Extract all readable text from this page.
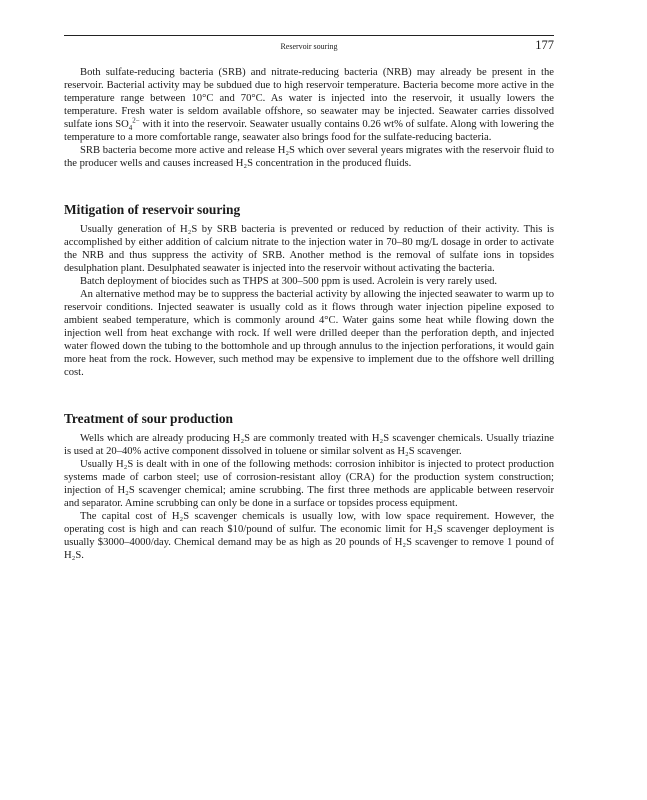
Reservoir souring	177

Both sulfate-reducing bacteria (SRB) and nitrate-reducing bacteria (NRB) may already be present in the reservoir. Bacterial activity may be subdued due to high reservoir temperature. Bacteria become more active in the temperature range between 10°C and 70°C. As water is injected into the reservoir, it usually lowers the temperature. Fresh water is seldom available offshore, so seawater may be injected. Seawater carries dissolved sulfate ions $SO_4^{2-}$ with it into the reservoir. Seawater usually contains 0.26 wt% of sulfate. Along with lowering the temperature to a more comfortable range, seawater also brings food for the sulfate-reducing bacteria.

SRB bacteria become more active and release H₂S which over several years migrates with the reservoir fluid to the producer wells and causes increased H₂S concentration in the produced fluids.

Mitigation of reservoir souring

Usually generation of H₂S by SRB bacteria is prevented or reduced by reduction of their activity. This is accomplished by either addition of calcium nitrate to the injection water in 70–80 mg/L dosage in order to activate the NRB and thus suppress the activity of SRB. Another method is the removal of sulfate ions in topsides desulphation plant. Desulphated seawater is injected into the reservoir without activating the bacteria.

Batch deployment of biocides such as THPS at 300–500 ppm is used. Acrolein is very rarely used.

An alternative method may be to suppress the bacterial activity by allowing the injected seawater to warm up to reservoir conditions. Injected seawater is usually cold as it flows through water injection pipeline exposed to ambient seabed temperature, which is commonly around 4°C. Water gains some heat while flowing down the injection well from heat exchange with rock. If well were drilled deeper than the perforation depth, and injected water flowed down the tubing to the bottomhole and up through annulus to the injection perforations, it would gain more heat from the rock. However, such method may be expensive to implement due to the offshore well drilling cost.

Treatment of sour production

Wells which are already producing H₂S are commonly treated with H₂S scavenger chemicals. Usually triazine is used at 20–40% active component dissolved in toluene or similar solvent as H₂S scavenger.

Usually H₂S is dealt with in one of the following methods: corrosion inhibitor is injected to protect production systems made of carbon steel; use of corrosion-resistant alloy (CRA) for the production system construction; injection of H₂S scavenger chemical; amine scrubbing. The first three methods are applicable between reservoir and separator. Amine scrubbing can only be done in a surface or topsides process equipment.

The capital cost of H₂S scavenger chemicals is usually low, with low space requirement. However, the operating cost is high and can reach $10/pound of sulfur. The economic limit for H₂S scavenger deployment is usually $3000–4000/day. Chemical demand may be as high as 20 pounds of H₂S scavenger to remove 1 pound of H₂S.
